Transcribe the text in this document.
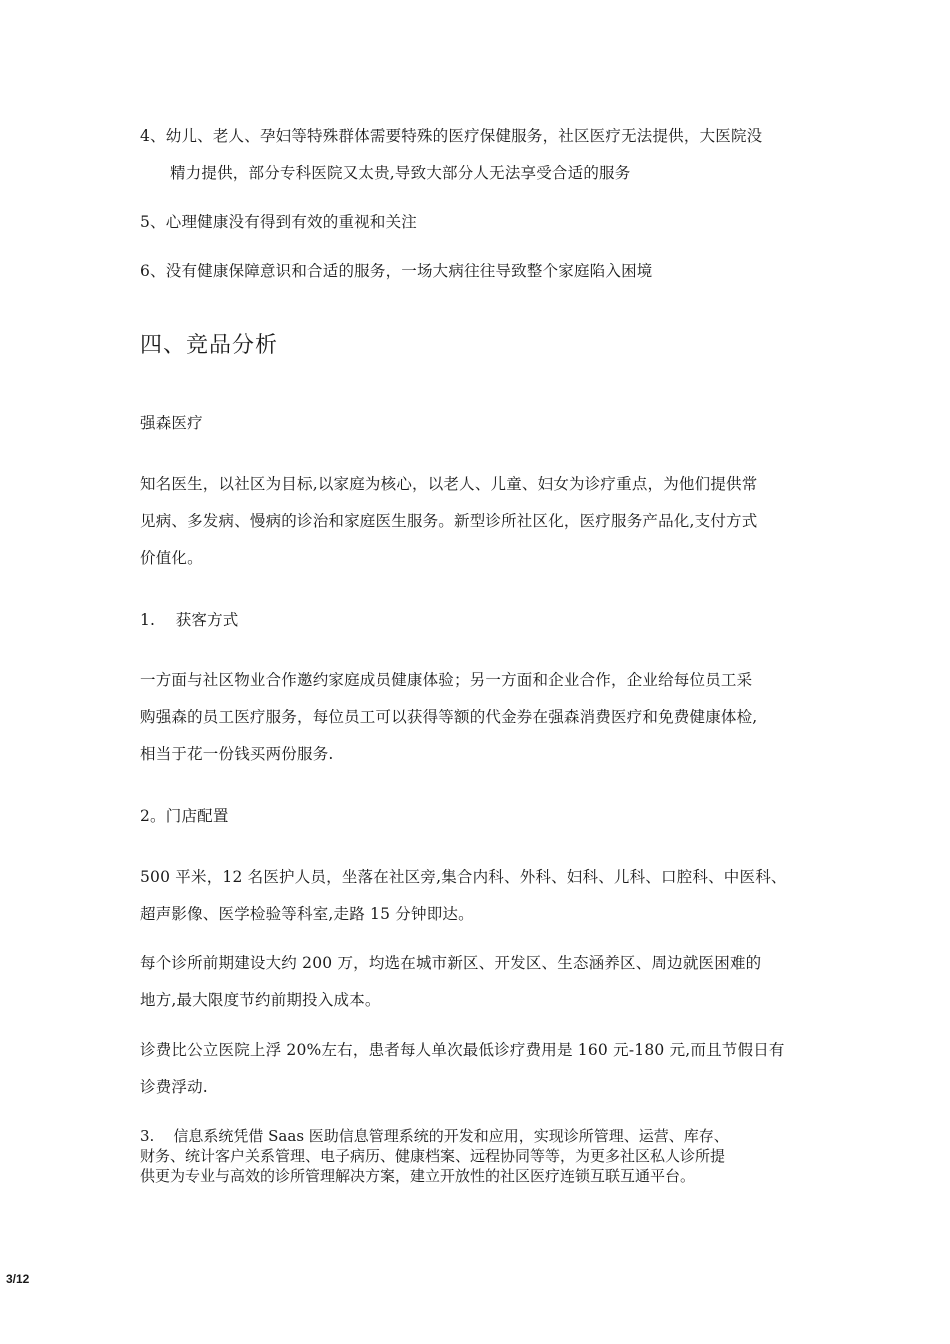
4、幼儿、老人、孕妇等特殊群体需要特殊的医疗保健服务，社区医疗无法提供，大医院没
精力提供，部分专科医院又太贵,导致大部分人无法享受合适的服务
5、心理健康没有得到有效的重视和关注
6、没有健康保障意识和合适的服务，一场大病往往导致整个家庭陷入困境
四、竞品分析
强森医疗
知名医生，以社区为目标,以家庭为核心，以老人、儿童、妇女为诊疗重点，为他们提供常
见病、多发病、慢病的诊治和家庭医生服务。新型诊所社区化，医疗服务产品化,支付方式
价值化。
1.    获客方式
一方面与社区物业合作邀约家庭成员健康体验；另一方面和企业合作，企业给每位员工采
购强森的员工医疗服务，每位员工可以获得等额的代金券在强森消费医疗和免费健康体检,
相当于花一份钱买两份服务.
2。门店配置
500 平米，12 名医护人员，坐落在社区旁,集合内科、外科、妇科、儿科、口腔科、中医科、
超声影像、医学检验等科室,走路 15 分钟即达。
每个诊所前期建设大约 200 万，均选在城市新区、开发区、生态涵养区、周边就医困难的
地方,最大限度节约前期投入成本。
诊费比公立医院上浮 20%左右，患者每人单次最低诊疗费用是 160 元-180 元,而且节假日有
诊费浮动.
3.    信息系统凭借 Saas 医助信息管理系统的开发和应用，实现诊所管理、运营、库存、
财务、统计客户关系管理、电子病历、健康档案、远程协同等等，为更多社区私人诊所提
供更为专业与高效的诊所管理解决方案，建立开放性的社区医疗连锁互联互通平台。
3/12
